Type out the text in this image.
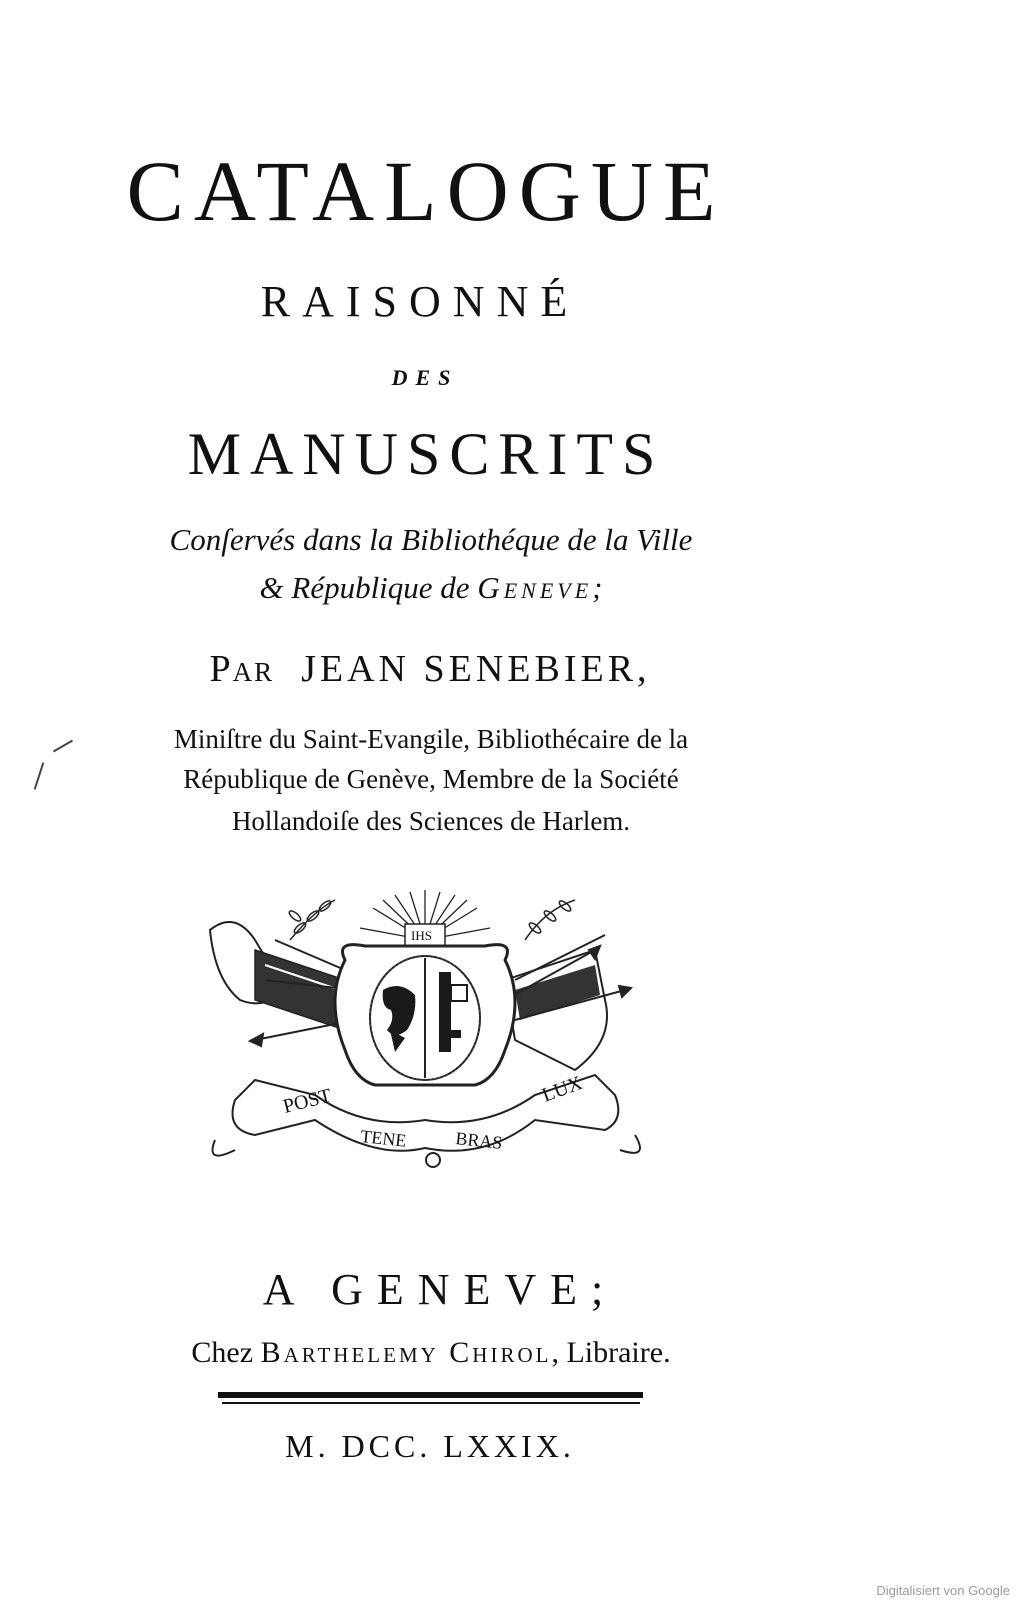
CATALOGUE
RAISONNÉ
DES
MANUSCRITS
Conſervés dans la Bibliothéque de la Ville
& République de Geneve;
Par JEAN SENEBIER,
Miniſtre du Saint-Evangile, Bibliothécaire de la
République de Genève, Membre de la Société
Hollandoiſe des Sciences de Harlem.
POST
TENE	BRAS
LUX
IHS
A GENEVE;
Chez Barthelemy Chirol, Libraire.
M. DCC. LXXIX.
Digitalisiert von Google
